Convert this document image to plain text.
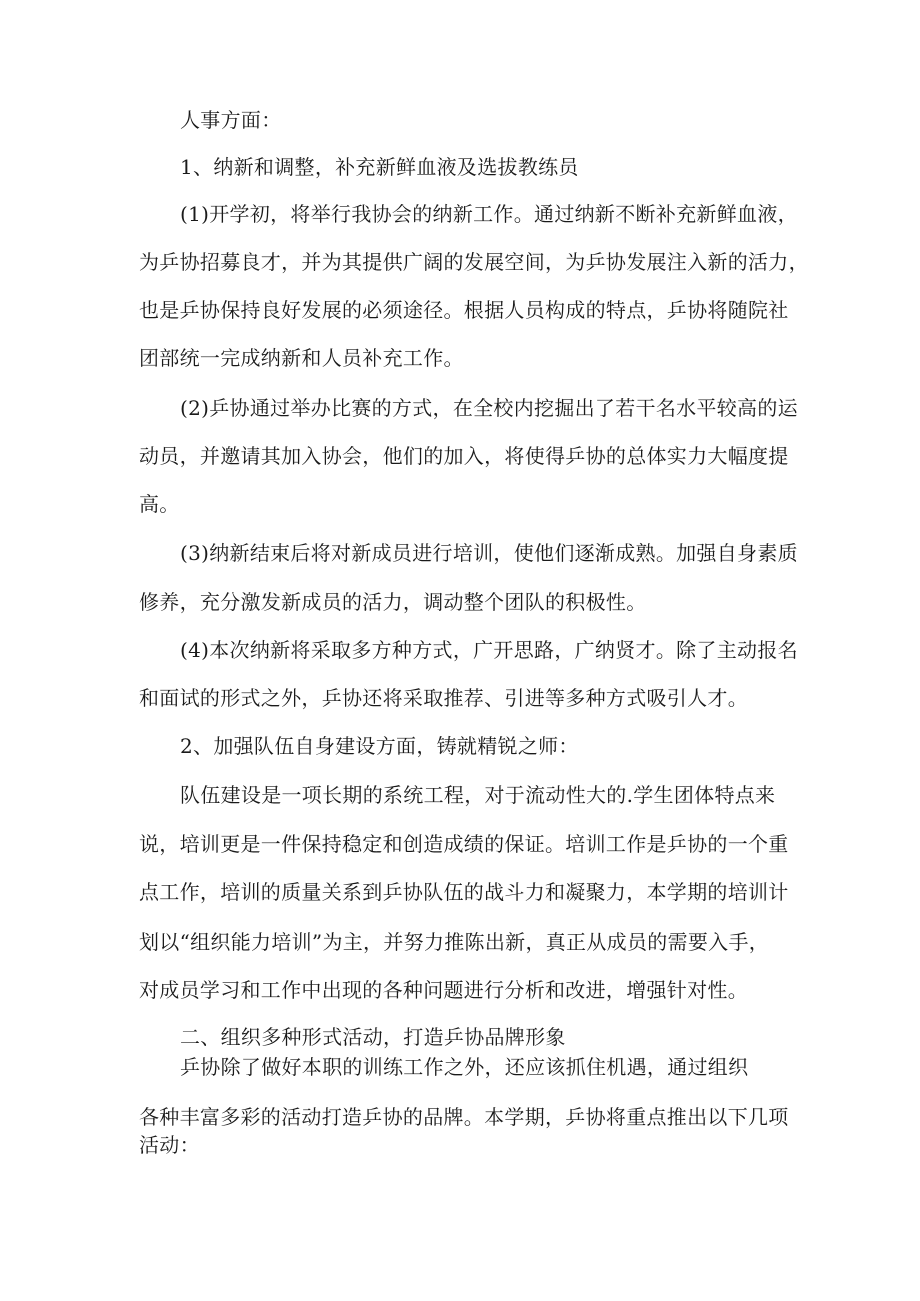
人事方面：
1、纳新和调整，补充新鲜血液及选拔教练员
(1)开学初，将举行我协会的纳新工作。通过纳新不断补充新鲜血液，
为乒协招募良才，并为其提供广阔的发展空间，为乒协发展注入新的活力，
也是乒协保持良好发展的必须途径。根据人员构成的特点，乒协将随院社
团部统一完成纳新和人员补充工作。
(2)乒协通过举办比赛的方式，在全校内挖掘出了若干名水平较高的运
动员，并邀请其加入协会，他们的加入，将使得乒协的总体实力大幅度提
高。
(3)纳新结束后将对新成员进行培训，使他们逐渐成熟。加强自身素质
修养，充分激发新成员的活力，调动整个团队的积极性。
(4)本次纳新将采取多方种方式，广开思路，广纳贤才。除了主动报名
和面试的形式之外，乒协还将采取推荐、引进等多种方式吸引人才。
2、加强队伍自身建设方面，铸就精锐之师：
队伍建设是一项长期的系统工程，对于流动性大的.学生团体特点来
说，培训更是一件保持稳定和创造成绩的保证。培训工作是乒协的一个重
点工作，培训的质量关系到乒协队伍的战斗力和凝聚力，本学期的培训计
划以“组织能力培训”为主，并努力推陈出新，真正从成员的需要入手，
对成员学习和工作中出现的各种问题进行分析和改进，增强针对性。
二、组织多种形式活动，打造乒协品牌形象
乒协除了做好本职的训练工作之外，还应该抓住机遇，通过组织
各种丰富多彩的活动打造乒协的品牌。本学期，乒协将重点推出以下几项
活动：
